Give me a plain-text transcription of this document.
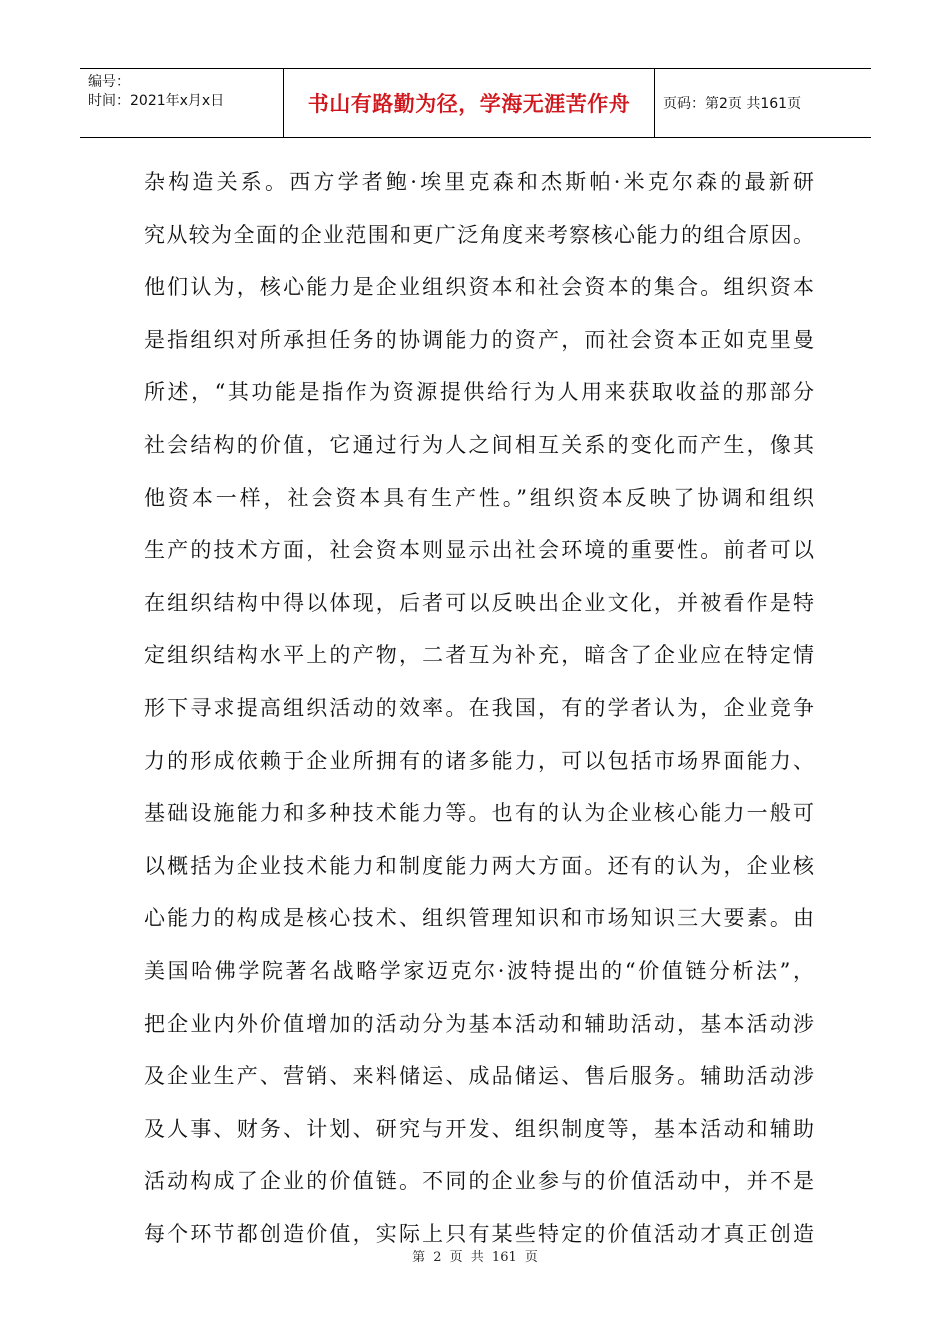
编号：
时间：2021年x月x日	书山有路勤为径，学海无涯苦作舟	页码：第2页 共161页
杂构造关系。西方学者鲍·埃里克森和杰斯帕·米克尔森的最新研
究从较为全面的企业范围和更广泛角度来考察核心能力的组合原因。
他们认为，核心能力是企业组织资本和社会资本的集合。组织资本
是指组织对所承担任务的协调能力的资产，而社会资本正如克里曼
所述，“其功能是指作为资源提供给行为人用来获取收益的那部分
社会结构的价值，它通过行为人之间相互关系的变化而产生，像其
他资本一样，社会资本具有生产性。”组织资本反映了协调和组织
生产的技术方面，社会资本则显示出社会环境的重要性。前者可以
在组织结构中得以体现，后者可以反映出企业文化，并被看作是特
定组织结构水平上的产物，二者互为补充，暗含了企业应在特定情
形下寻求提高组织活动的效率。在我国，有的学者认为，企业竞争
力的形成依赖于企业所拥有的诸多能力，可以包括市场界面能力、
基础设施能力和多种技术能力等。也有的认为企业核心能力一般可
以概括为企业技术能力和制度能力两大方面。还有的认为，企业核
心能力的构成是核心技术、组织管理知识和市场知识三大要素。由
美国哈佛学院著名战略学家迈克尔·波特提出的“价值链分析法”，
把企业内外价值增加的活动分为基本活动和辅助活动，基本活动涉
及企业生产、营销、来料储运、成品储运、售后服务。辅助活动涉
及人事、财务、计划、研究与开发、组织制度等，基本活动和辅助
活动构成了企业的价值链。不同的企业参与的价值活动中，并不是
每个环节都创造价值，实际上只有某些特定的价值活动才真正创造
第 2 页 共 161 页
